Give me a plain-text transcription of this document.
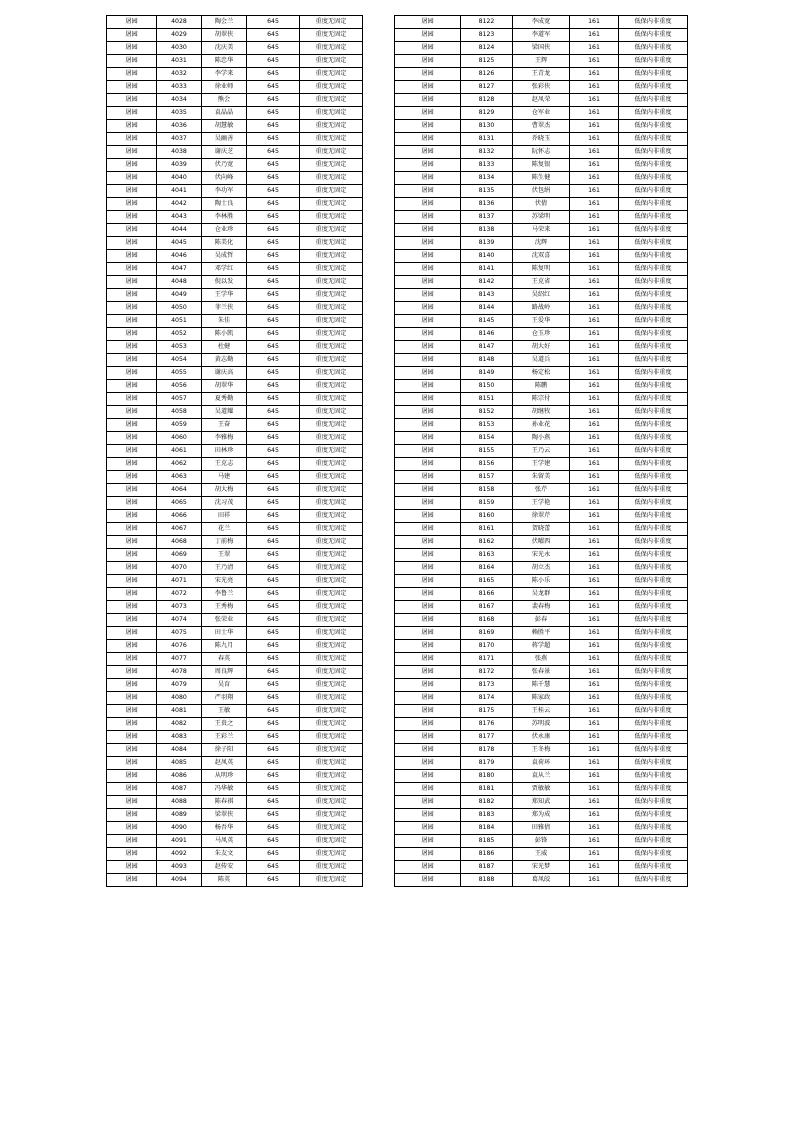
屠园	4028	陶会兰	645	重度无固定
屠园	4029	胡翠侠	645	重度无固定
屠园	4030	沈庆美	645	重度无固定
屠园	4031	陈忠华	645	重度无固定
屠园	4032	李学来	645	重度无固定
屠园	4033	徐业师	645	重度无固定
屠园	4034	熊会	645	重度无固定
屠园	4035	袁晶晶	645	重度无固定
屠园	4036	胡慧敏	645	重度无固定
屠园	4037	吴幽善	645	重度无固定
屠园	4038	谢庆芝	645	重度无固定
屠园	4039	伏乃宽	645	重度无固定
屠园	4040	伏向峰	645	重度无固定
屠园	4041	李功军	645	重度无固定
屠园	4042	陶士良	645	重度无固定
屠园	4043	李林胜	645	重度无固定
屠园	4044	仓业珍	645	重度无固定
屠园	4045	陈美化	645	重度无固定
屠园	4046	吴成哲	645	重度无固定
屠园	4047	邓学红	645	重度无固定
屠园	4048	倪以发	645	重度无固定
屠园	4049	王学华	645	重度无固定
屠园	4050	菲兰侠	645	重度无固定
屠园	4051	朱佳	645	重度无固定
屠园	4052	陈小凯	645	重度无固定
屠园	4053	杜健	645	重度无固定
屠园	4054	黄志勤	645	重度无固定
屠园	4055	谢庆高	645	重度无固定
屠园	4056	胡翠华	645	重度无固定
屠园	4057	夏秀勤	645	重度无固定
屠园	4058	吴道耀	645	重度无固定
屠园	4059	王奋	645	重度无固定
屠园	4060	李雅梅	645	重度无固定
屠园	4061	田林珍	645	重度无固定
屠园	4062	王克志	645	重度无固定
屠园	4063	马建	645	重度无固定
屠园	4064	胡大梅	645	重度无固定
屠园	4065	沈习茂	645	重度无固定
屠园	4066	田祥	645	重度无固定
屠园	4067	花兰	645	重度无固定
屠园	4068	丁前梅	645	重度无固定
屠园	4069	王翠	645	重度无固定
屠园	4070	王乃清	645	重度无固定
屠园	4071	宋光亮	645	重度无固定
屠园	4072	李鲁兰	645	重度无固定
屠园	4073	王秀梅	645	重度无固定
屠园	4074	张荣业	645	重度无固定
屠园	4075	田士华	645	重度无固定
屠园	4076	陈九月	645	重度无固定
屠园	4077	春英	645	重度无固定
屠园	4078	周良辉	645	重度无固定
屠园	4079	吴育	645	重度无固定
屠园	4080	严羽翔	645	重度无固定
屠园	4081	王敏	645	重度无固定
屠园	4082	王贵之	645	重度无固定
屠园	4083	王彩兰	645	重度无固定
屠园	4084	徐子阳	645	重度无固定
屠园	4085	赵凤英	645	重度无固定
屠园	4086	从明珍	645	重度无固定
屠园	4087	冯华敏	645	重度无固定
屠园	4088	陈春祺	645	重度无固定
屠园	4089	梁翠侠	645	重度无固定
屠园	4090	杨吾华	645	重度无固定
屠园	4091	马凤英	645	重度无固定
屠园	4092	朱友文	645	重度无固定
屠园	4093	赵传安	645	重度无固定
屠园	4094	陈英	645	重度无固定
屠园	8122	李成宽	161	低保内非重度
屠园	8123	李道军	161	低保内非重度
屠园	8124	梁国侠	161	低保内非重度
屠园	8125	王辉	161	低保内非重度
屠园	8126	王青龙	161	低保内非重度
屠园	8127	张彩侠	161	低保内非重度
屠园	8128	赵凤荣	161	低保内非重度
屠园	8129	仓军业	161	低保内非重度
屠园	8130	曹翠杰	161	低保内非重度
屠园	8131	乔晓玉	161	低保内非重度
屠园	8132	阮怀志	161	低保内非重度
屠园	8133	陈复银	161	低保内非重度
屠园	8134	陈生健	161	低保内非重度
屠园	8135	伏包绢	161	低保内非重度
屠园	8136	伏倩	161	低保内非重度
屠园	8137	苏梁明	161	低保内非重度
屠园	8138	马荣来	161	低保内非重度
屠园	8139	沈辉	161	低保内非重度
屠园	8140	沈双喜	161	低保内非重度
屠园	8141	陈复明	161	低保内非重度
屠园	8142	王克省	161	低保内非重度
屠园	8143	吴绍红	161	低保内非重度
屠园	8144	路战岭	161	低保内非重度
屠园	8145	王爱华	161	低保内非重度
屠园	8146	仓玉珍	161	低保内非重度
屠园	8147	胡大好	161	低保内非重度
屠园	8148	吴道兵	161	低保内非重度
屠园	8149	杨定松	161	低保内非重度
屠园	8150	陈鹏	161	低保内非重度
屠园	8151	陈宗付	161	低保内非重度
屠园	8152	胡继牧	161	低保内非重度
屠园	8153	孙业花	161	低保内非重度
屠园	8154	陶小燕	161	低保内非重度
屠园	8155	王乃云	161	低保内非重度
屠园	8156	王学建	161	低保内非重度
屠园	8157	朱留美	161	低保内非重度
屠园	8158	张芹	161	低保内非重度
屠园	8159	王学艳	161	低保内非重度
屠园	8160	徐翠芹	161	低保内非重度
屠园	8161	贺晓蕾	161	低保内非重度
屠园	8162	伏曜西	161	低保内非重度
屠园	8163	宋光永	161	低保内非重度
屠园	8164	胡立杰	161	低保内非重度
屠园	8165	陈小乐	161	低保内非重度
屠园	8166	吴龙群	161	低保内非重度
屠园	8167	裴春梅	161	低保内非重度
屠园	8168	彭春	161	低保内非重度
屠园	8169	赖胜平	161	低保内非重度
屠园	8170	蒋学超	161	低保内非重度
屠园	8171	张燕	161	低保内非重度
屠园	8172	张春景	161	低保内非重度
屠园	8173	陈千慧	161	低保内非重度
屠园	8174	陈家政	161	低保内非重度
屠园	8175	王桂云	161	低保内非重度
屠园	8176	苏明波	161	低保内非重度
屠园	8177	伏永康	161	低保内非重度
屠园	8178	王冬梅	161	低保内非重度
屠园	8179	袁荷环	161	低保内非重度
屠园	8180	袁从兰	161	低保内非重度
屠园	8181	贾敏敏	161	低保内非重度
屠园	8182	郑知武	161	低保内非重度
屠园	8183	郑为成	161	低保内非重度
屠园	8184	田雅倩	161	低保内非重度
屠园	8185	彭锋	161	低保内非重度
屠园	8186	王威	161	低保内非重度
屠园	8187	宋光梦	161	低保内非重度
屠园	8188	葛凤皎	161	低保内非重度
